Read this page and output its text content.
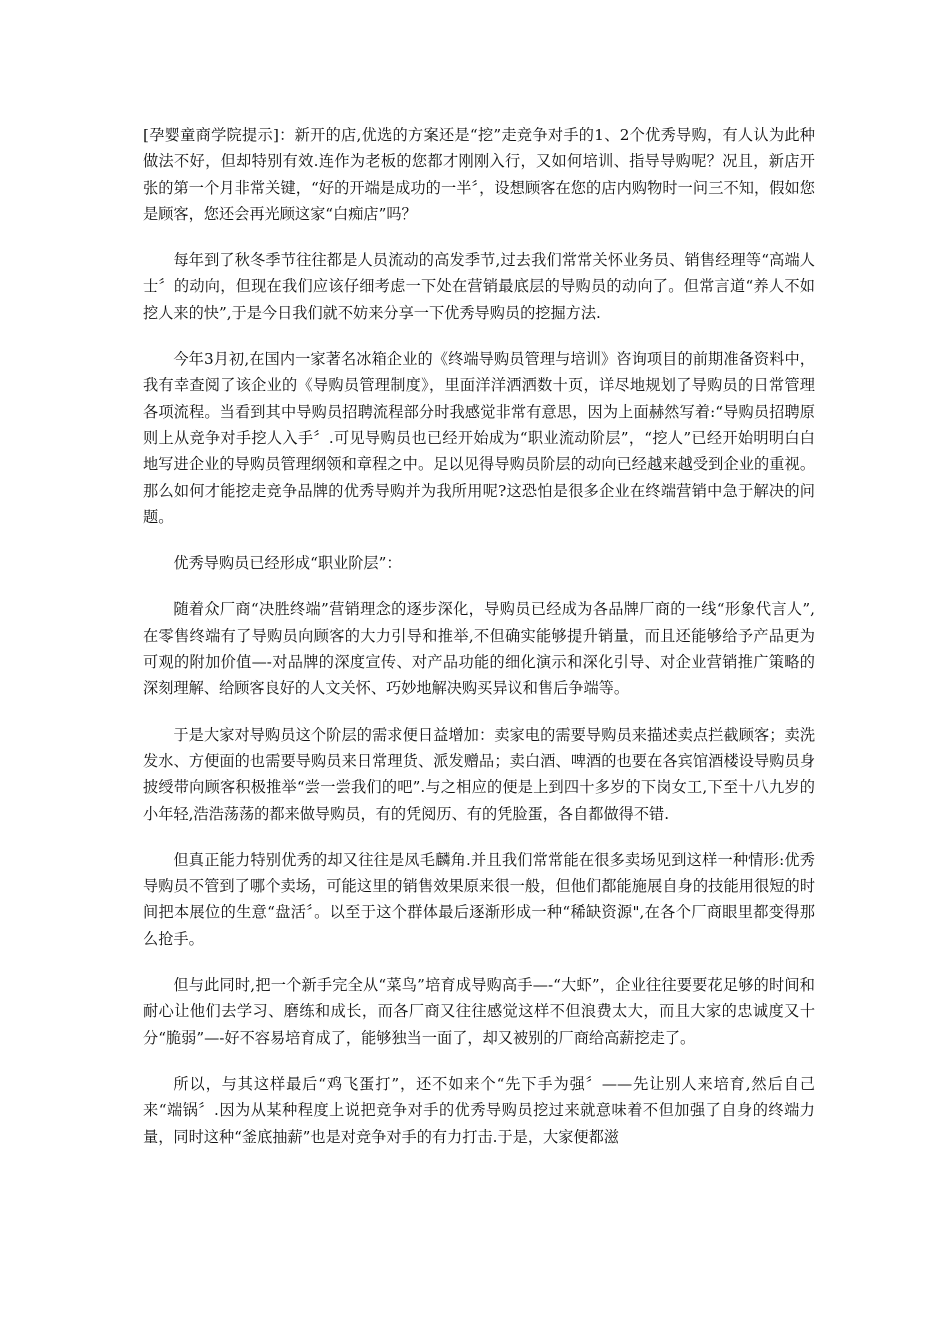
[孕婴童商学院提示]：新开的店,优选的方案还是“挖”走竞争对手的1、2个优秀导购，有人认为此种做法不好，但却特别有效.连作为老板的您都才刚刚入行，又如何培训、指导导购呢？况且，新店开张的第一个月非常关键，“好的开端是成功的一半〞，设想顾客在您的店内购物时一问三不知，假如您是顾客，您还会再光顾这家“白痴店”吗？

每年到了秋冬季节往往都是人员流动的高发季节,过去我们常常关怀业务员、销售经理等“高端人士〞的动向，但现在我们应该仔细考虑一下处在营销最底层的导购员的动向了。但常言道“养人不如挖人来的快”,于是今日我们就不妨来分享一下优秀导购员的挖掘方法.

今年3月初,在国内一家著名冰箱企业的《终端导购员管理与培训》咨询项目的前期准备资料中，我有幸查阅了该企业的《导购员管理制度》，里面洋洋洒洒数十页，详尽地规划了导购员的日常管理各项流程。当看到其中导购员招聘流程部分时我感觉非常有意思，因为上面赫然写着:“导购员招聘原则上从竞争对手挖人入手〞.可见导购员也已经开始成为“职业流动阶层”，“挖人”已经开始明明白白地写进企业的导购员管理纲领和章程之中。足以见得导购员阶层的动向已经越来越受到企业的重视。那么如何才能挖走竞争品牌的优秀导购并为我所用呢?这恐怕是很多企业在终端营销中急于解决的问题。

优秀导购员已经形成“职业阶层”：

随着众厂商“决胜终端”营销理念的逐步深化，导购员已经成为各品牌厂商的一线“形象代言人”,在零售终端有了导购员向顾客的大力引导和推举,不但确实能够提升销量，而且还能够给予产品更为可观的附加价值—-对品牌的深度宣传、对产品功能的细化演示和深化引导、对企业营销推广策略的深刻理解、给顾客良好的人文关怀、巧妙地解决购买异议和售后争端等。

于是大家对导购员这个阶层的需求便日益增加：卖家电的需要导购员来描述卖点拦截顾客；卖洗发水、方便面的也需要导购员来日常理货、派发赠品；卖白酒、啤酒的也要在各宾馆酒楼设导购员身披绶带向顾客积极推举“尝一尝我们的吧”.与之相应的便是上到四十多岁的下岗女工,下至十八九岁的小年轻,浩浩荡荡的都来做导购员，有的凭阅历、有的凭脸蛋，各自都做得不错.

但真正能力特别优秀的却又往往是凤毛麟角.并且我们常常能在很多卖场见到这样一种情形:优秀导购员不管到了哪个卖场，可能这里的销售效果原来很一般，但他们都能施展自身的技能用很短的时间把本展位的生意“盘活〞。以至于这个群体最后逐渐形成一种“稀缺资源",在各个厂商眼里都变得那么抢手。

但与此同时,把一个新手完全从“菜鸟”培育成导购高手—-“大虾”，企业往往要要花足够的时间和耐心让他们去学习、磨练和成长，而各厂商又往往感觉这样不但浪费太大，而且大家的忠诚度又十分“脆弱”—-好不容易培育成了，能够独当一面了，却又被别的厂商给高薪挖走了。

所以，与其这样最后“鸡飞蛋打”，还不如来个“先下手为强〞——先让别人来培育,然后自己来“端锅〞.因为从某种程度上说把竞争对手的优秀导购员挖过来就意味着不但加强了自身的终端力量，同时这种“釜底抽薪”也是对竞争对手的有力打击.于是，大家便都滋
